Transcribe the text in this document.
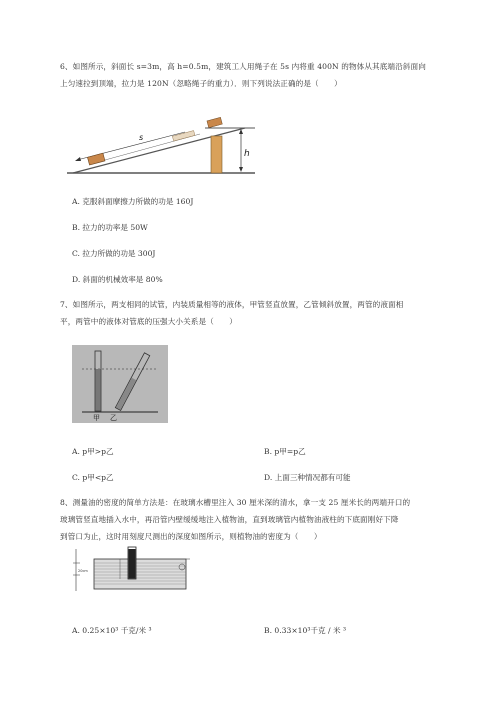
6、如图所示，斜面长 s=3m，高 h=0.5m，建筑工人用绳子在 5s 内将重 400N 的物体从其底端沿斜面向
上匀速拉到顶端，拉力是 120N（忽略绳子的重力）．则下列说法正确的是（　　）
h
s
A. 克服斜面摩擦力所做的功是 160J
B. 拉力的功率是 50W
C. 拉力所做的功是 300J
D. 斜面的机械效率是 80%
7、如图所示，两支相同的试管，内装质量相等的液体，甲管竖直放置，乙管倾斜放置，两管的液面相
平，两管中的液体对管底的压强大小关系是（　　）
甲 乙
A. p甲>p乙	B. p甲=p乙
C. p甲<p乙	D. 上面三种情况都有可能
8、测量油的密度的简单方法是：在玻璃水槽里注入 30 厘米深的清水，拿一支 25 厘米长的两端开口的
玻璃管竖直地插入水中，再沿管内壁缓缓地注入植物油，直到玻璃管内植物油液柱的下底面刚好下降
到管口为止，这时用刻度尺测出的深度如图所示，则植物油的密度为（　　）
20cm
A. 0.25×10³ 千克/米 ³	B. 0.33×10³千克 / 米 ³
